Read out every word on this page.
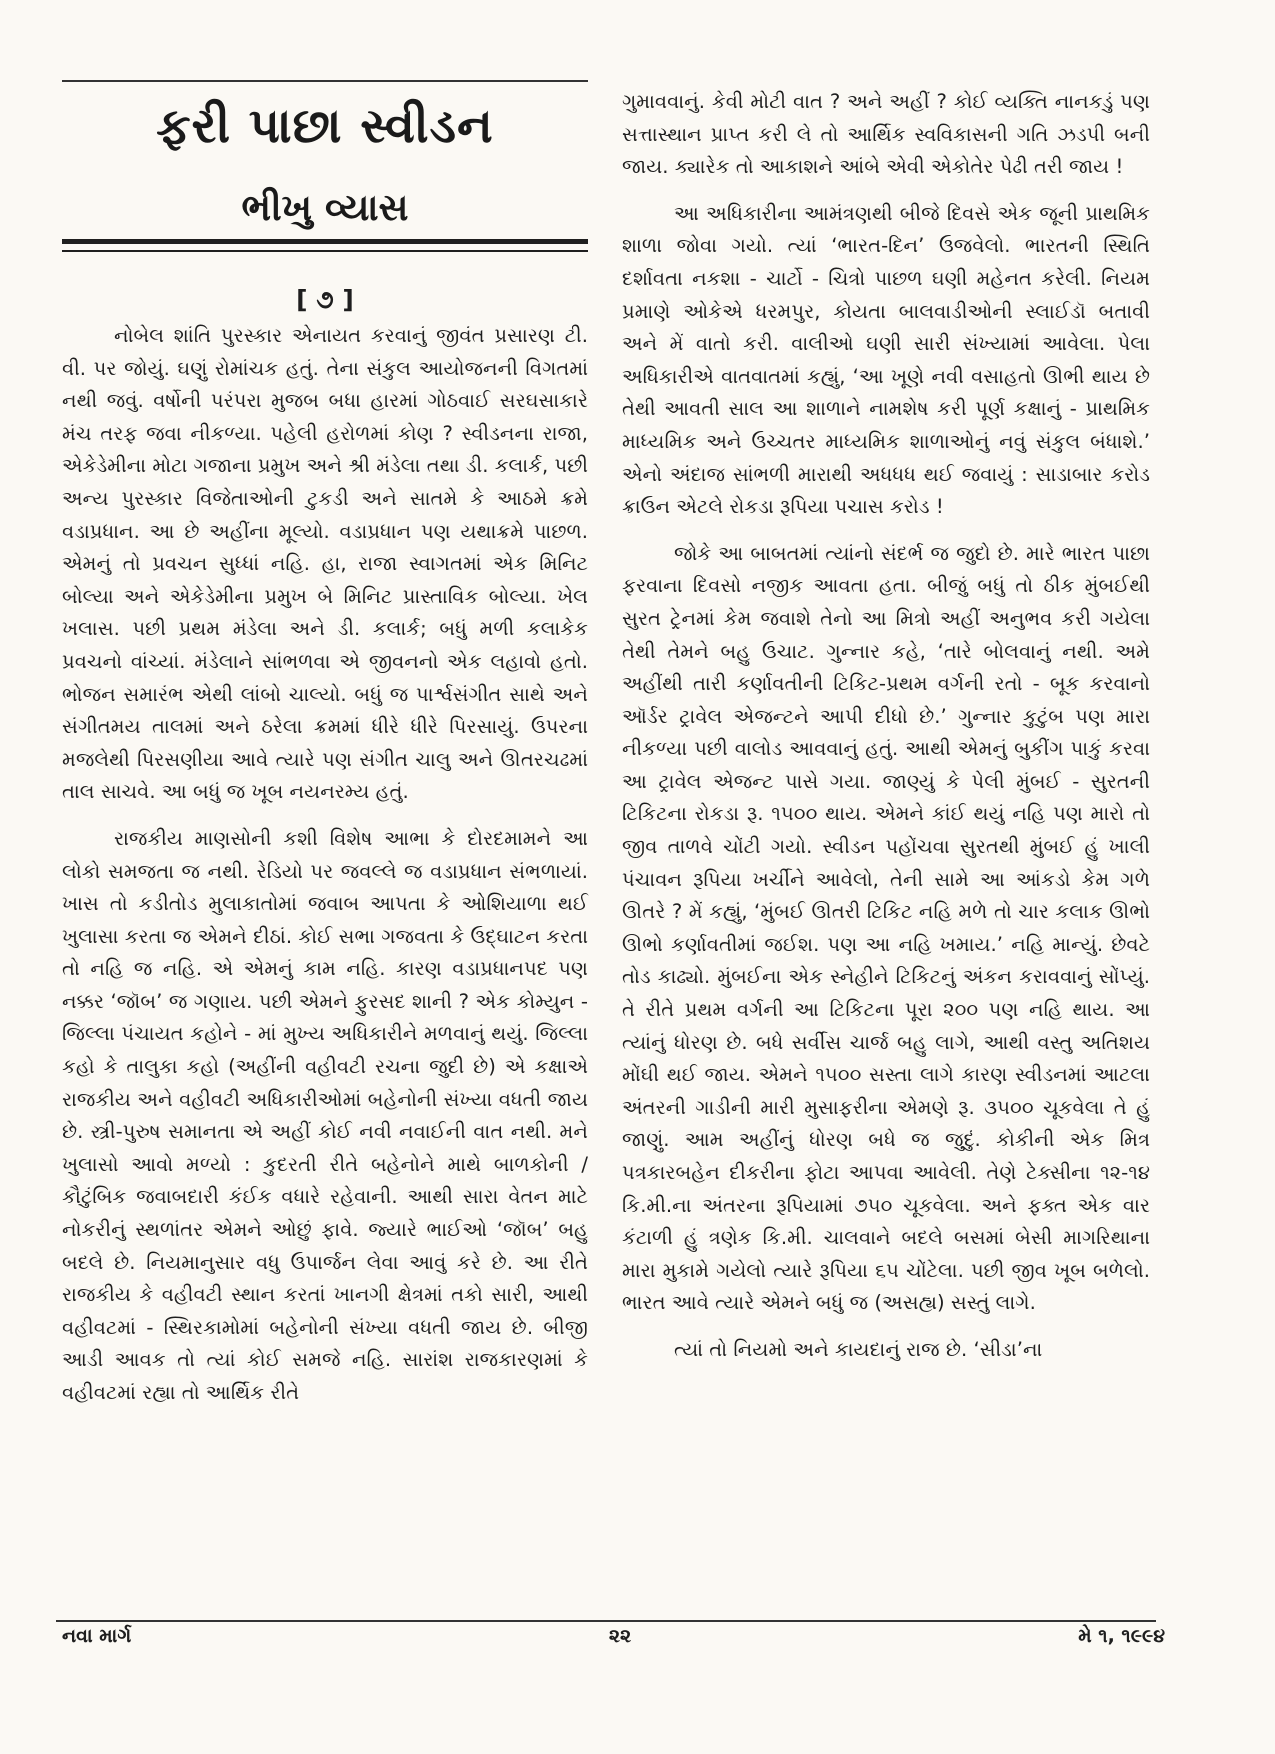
ફરી પાછા સ્વીડન
ભીખુ વ્યાસ
[ ૭ ]

નોબેલ શાંતિ પુરસ્કાર એનાયત કરવાનું જીવંત પ્રસારણ ટી. વી. પર જોયું. ઘણું રોમાંચક હતું. તેના સંકુલ આયોજનની વિગતમાં નથી જવું. વર્ષોની પરંપરા મુજબ બધા હારમાં ગોઠવાઈ સરઘસાકારે મંચ તરફ જવા નીકળ્યા. પહેલી હરોળમાં કોણ ? સ્વીડનના રાજા, એકેડેમીના મોટા ગજાના પ્રમુખ અને શ્રી મંડેલા તથા ડી. કલાર્ક, પછી અન્ય પુરસ્કાર વિજેતાઓની ટુકડી અને સાતમે કે આઠમે ક્રમે વડાપ્રધાન. આ છે અહીંના મૂલ્યો. વડાપ્રધાન પણ યથાક્રમે પાછળ. એમનું તો પ્રવચન સુધ્ધાં નહિ. હા, રાજા સ્વાગતમાં એક મિનિટ બોલ્યા અને એકેડેમીના પ્રમુખ બે મિનિટ પ્રાસ્તાવિક બોલ્યા. ખેલ ખલાસ. પછી પ્રથમ મંડેલા અને ડી. કલાર્ક; બધું મળી કલાકેક પ્રવચનો વાંચ્યાં. મંડેલાને સાંભળવા એ જીવનનો એક લહાવો હતો. ભોજન સમારંભ એથી લાંબો ચાલ્યો. બધું જ પાર્શ્વસંગીત સાથે અને સંગીતમય તાલમાં અને ઠરેલા ક્રમમાં ધીરે ધીરે પિરસાયું. ઉપરના મજલેથી પિરસણીયા આવે ત્યારે પણ સંગીત ચાલુ અને ઊતરચઢમાં તાલ સાચવે. આ બધું જ ખૂબ નયનરમ્ય હતું.

રાજકીય માણસોની કશી વિશેષ આભા કે દોરદમામને આ લોકો સમજતા જ નથી. રેડિયો પર જવલ્લે જ વડાપ્રધાન સંભળાયાં. ખાસ તો કડીતોડ મુલાકાતોમાં જવાબ આપતા કે ઓશિયાળા થઈ ખુલાસા કરતા જ એમને દીઠાં. કોઈ સભા ગજવતા કે ઉદ્ઘાટન કરતા તો નહિ જ નહિ. એ એમનું કામ નહિ. કારણ વડાપ્રધાનપદ પણ નક્કર ‘જૉબ’ જ ગણાય. પછી એમને ફુરસદ શાની ? એક કોમ્યુન - જિલ્લા પંચાયત કહોને - માં મુખ્ય અધિકારીને મળવાનું થયું. જિલ્લા કહો કે તાલુકા કહો (અહીંની વહીવટી રચના જુદી છે) એ કક્ષાએ રાજકીય અને વહીવટી અધિકારીઓમાં બહેનોની સંખ્યા વધતી જાય છે. સ્ત્રી-પુરુષ સમાનતા એ અહીં કોઈ નવી નવાઈની વાત નથી. મને ખુલાસો આવો મળ્યો : કુદરતી રીતે બહેનોને માથે બાળકોની / કૌટુંબિક જવાબદારી કંઈક વધારે રહેવાની. આથી સારા વેતન માટે નોકરીનું સ્થળાંતર એમને ઓછું ફાવે. જ્યારે ભાઈઓ ‘જૉબ’ બહુ બદલે છે. નિયમાનુસાર વધુ ઉપાર્જન લેવા આવું કરે છે. આ રીતે રાજકીય કે વહીવટી સ્થાન કરતાં ખાનગી ક્ષેત્રમાં તકો સારી, આથી વહીવટમાં - સ્થિરકામોમાં બહેનોની સંખ્યા વધતી જાય છે. બીજી આડી આવક તો ત્યાં કોઈ સમજે નહિ. સારાંશ રાજકારણમાં કે વહીવટમાં રહ્યા તો આર્થિક રીતે

ગુમાવવાનું. કેવી મોટી વાત ? અને અહીં ? કોઈ વ્યક્તિ નાનકડું પણ સત્તાસ્થાન પ્રાપ્ત કરી લે તો આર્થિક સ્વવિકાસની ગતિ ઝડપી બની જાય. ક્યારેક તો આકાશને આંબે એવી એકોતેર પેઢી તરી જાય !

આ અધિકારીના આમંત્રણથી બીજે દિવસે એક જૂની પ્રાથમિક શાળા જોવા ગયો. ત્યાં ‘ભારત-દિન’ ઉજવેલો. ભારતની સ્થિતિ દર્શાવતા નકશા - ચાર્ટો - ચિત્રો પાછળ ઘણી મહેનત કરેલી. નિયમ પ્રમાણે ઓકેએ ધરમપુર, કોયતા બાલવાડીઓની સ્લાઈડૉ બતાવી અને મેં વાતો કરી. વાલીઓ ઘણી સારી સંખ્યામાં આવેલા. પેલા અધિકારીએ વાતવાતમાં કહ્યું, ‘આ ખૂણે નવી વસાહતો ઊભી થાય છે તેથી આવતી સાલ આ શાળાને નામશેષ કરી પૂર્ણ કક્ષાનું - પ્રાથમિક માધ્યમિક અને ઉચ્ચતર માધ્યમિક શાળાઓનું નવું સંકુલ બંધાશે.’ એનો અંદાજ સાંભળી મારાથી અધધધ થઈ જવાયું : સાડાબાર કરોડ ક્રાઉન એટલે રોકડા રૂપિયા પચાસ કરોડ !

જોકે આ બાબતમાં ત્યાંનો સંદર્ભ જ જુદો છે. મારે ભારત પાછા ફરવાના દિવસો નજીક આવતા હતા. બીજું બધું તો ઠીક મુંબઈથી સુરત ટ્રેનમાં કેમ જવાશે તેનો આ મિત્રો અહીં અનુભવ કરી ગયેલા તેથી તેમને બહુ ઉચાટ. ગુન્નાર કહે, ‘તારે બોલવાનું નથી. અમે અહીંથી તારી કર્ણાવતીની ટિકિટ-પ્રથમ વર્ગની રતો - બૂક કરવાનો ઑર્ડર ટ્રાવેલ એજન્ટને આપી દીધો છે.’ ગુન્નાર કુટુંબ પણ મારા નીકળ્યા પછી વાલોડ આવવાનું હતું. આથી એમનું બુકીંગ પાકું કરવા આ ટ્રાવેલ એજન્ટ પાસે ગયા. જાણ્યું કે પેલી મુંબઈ - સુરતની ટિકિટના રોકડા રૂ. ૧૫૦૦ થાય. એમને કાંઈ થયું નહિ પણ મારો તો જીવ તાળવે ચોંટી ગયો. સ્વીડન પહોંચવા સુરતથી મુંબઈ હું ખાલી પંચાવન રૂપિયા ખર્ચીને આવેલો, તેની સામે આ આંકડો કેમ ગળે ઊતરે ? મેં કહ્યું, ‘મુંબઈ ઊતરી ટિકિટ નહિ મળે તો ચાર કલાક ઊભો ઊભો કર્ણાવતીમાં જઈશ. પણ આ નહિ ખમાય.’ નહિ માન્યું. છેવટે તોડ કાઢ્યો. મુંબઈના એક સ્નેહીને ટિકિટનું અંકન કરાવવાનું સોંપ્યું. તે રીતે પ્રથમ વર્ગની આ ટિકિટના પૂરા ૨૦૦ પણ નહિ થાય. આ ત્યાંનું ધોરણ છે. બધે સર્વીસ ચાર્જ બહુ લાગે, આથી વસ્તુ અતિશય મોંઘી થઈ જાય. એમને ૧૫૦૦ સસ્તા લાગે કારણ સ્વીડનમાં આટલા અંતરની ગાડીની મારી મુસાફરીના એમણે રૂ. ૩૫૦૦ ચૂકવેલા તે હું જાણું. આમ અહીંનું ધોરણ બધે જ જુદું. કોકીની એક મિત્ર પત્રકારબહેન દીકરીના ફોટા આપવા આવેલી. તેણે ટેક્સીના ૧૨-૧૪ કિ.મી.ના અંતરના રૂપિયામાં ૭૫૦ ચૂકવેલા. અને ફક્ત એક વાર કંટાળી હું ત્રણેક કિ.મી. ચાલવાને બદલે બસમાં બેસી માગરિથાના મારા મુકામે ગયેલો ત્યારે રૂપિયા ૬૫ ચોંટેલા. પછી જીવ ખૂબ બળેલો. ભારત આવે ત્યારે એમને બધું જ (અસહ્ય) સસ્તું લાગે.

ત્યાં તો નિયમો અને કાયદાનું રાજ છે. ‘સીડા’ના

નવા માર્ગ	૨૨	મે ૧, ૧૯૯૪
